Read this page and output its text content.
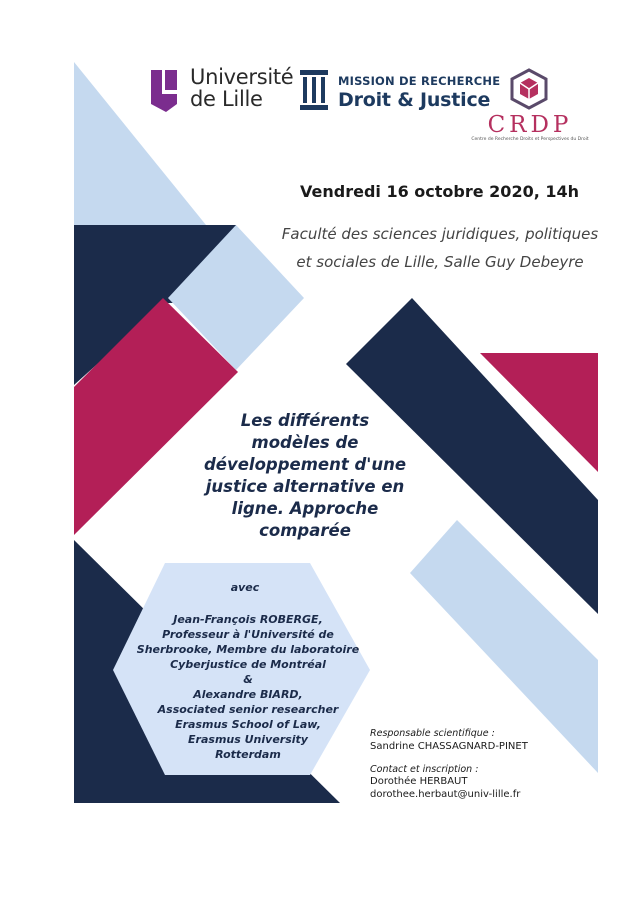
Université
de Lille
MISSION DE RECHERCHE
Droit & Justice
CRDP
Centre de Recherche Droits et Perspectives du Droit
Vendredi 16 octobre 2020, 14h
Faculté des sciences juridiques, politiques
et sociales de Lille, Salle Guy Debeyre
Les différents
modèles de
développement d'une
justice alternative en
ligne. Approche
comparée
avec
Jean-François ROBERGE,
Professeur à l'Université de
Sherbrooke, Membre du laboratoire
Cyberjustice de Montréal
&
Alexandre BIARD,
Associated senior researcher
Erasmus School of Law,
Erasmus University
Rotterdam
Responsable scientifique :
Sandrine CHASSAGNARD-PINET
Contact et inscription :
Dorothée HERBAUT
dorothee.herbaut@univ-lille.fr
